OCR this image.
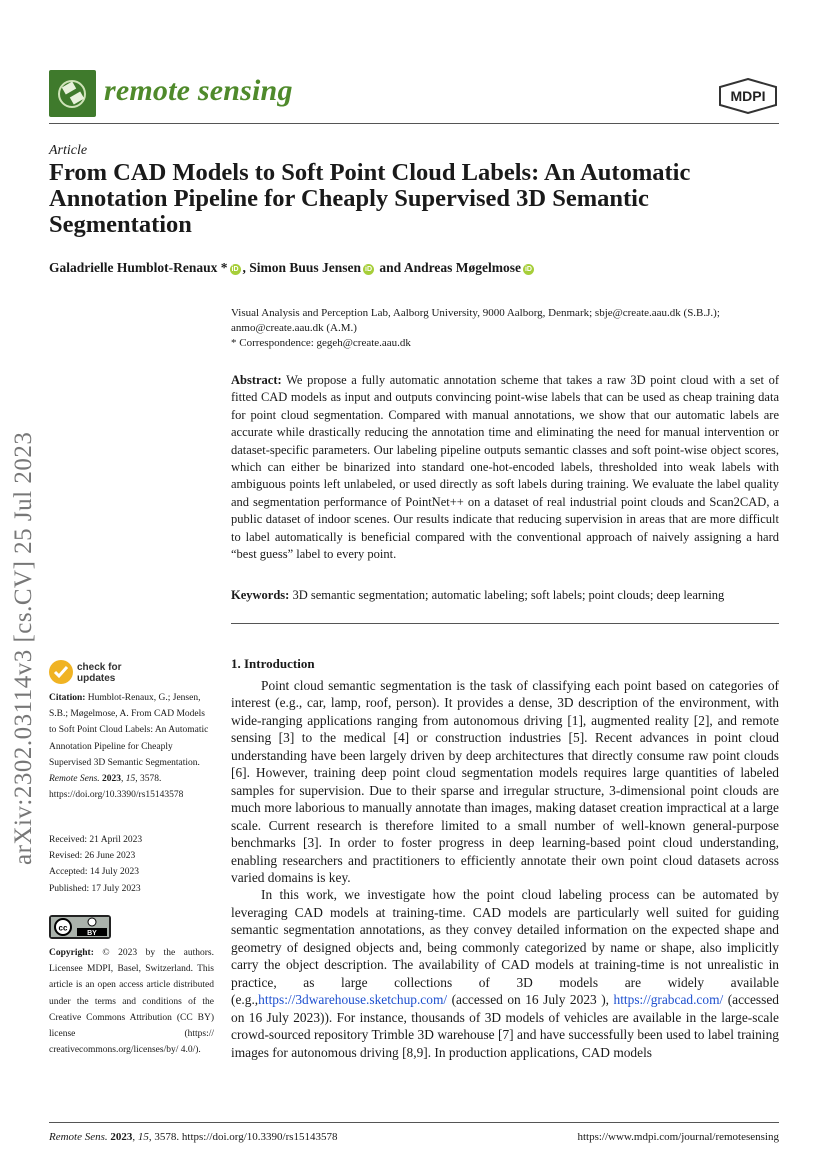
remote sensing	MDPI
Article
From CAD Models to Soft Point Cloud Labels: An Automatic Annotation Pipeline for Cheaply Supervised 3D Semantic Segmentation
Galadrielle Humblot-Renaux * iD , Simon Buus Jensen iD and Andreas Møgelmose iD

Visual Analysis and Perception Lab, Aalborg University, 9000 Aalborg, Denmark; sbje@create.aau.dk (S.B.J.);

anmo@create.aau.dk (A.M.)

* Correspondence: gegeh@create.aau.dk

Abstract: We propose a fully automatic annotation scheme that takes a raw 3D point cloud with a set of fitted CAD models as input and outputs convincing point-wise labels that can be used as cheap training data for point cloud segmentation. Compared with manual annotations, we show that our automatic labels are accurate while drastically reducing the annotation time and eliminating the need for manual intervention or dataset-specific parameters. Our labeling pipeline outputs semantic classes and soft point-wise object scores, which can either be binarized into standard one-hot-encoded labels, thresholded into weak labels with ambiguous points left unlabeled, or used directly as soft labels during training. We evaluate the label quality and segmentation performance of PointNet++ on a dataset of real industrial point clouds and Scan2CAD, a public dataset of indoor scenes. Our results indicate that reducing supervision in areas that are more difficult to label automatically is beneficial compared with the conventional approach of naively assigning a hard “best guess” label to every point.
Keywords: 3D semantic segmentation; automatic labeling; soft labels; point clouds; deep learning
arXiv:2302.03114v3 [cs.CV] 25 Jul 2023	check for
updates
Citation: Humblot-Renaux, G.; Jensen, S.B.; Møgelmose, A. From CAD Models to Soft Point Cloud Labels: An Automatic Annotation Pipeline for Cheaply Supervised 3D Semantic Segmentation. Remote Sens. 2023, 15, 3578. https://doi.org/10.3390/rs15143578

Received: 21 April 2023

Revised: 26 June 2023

Accepted: 14 July 2023

Published: 17 July 2023

cc
BY
Copyright: © 2023 by the authors. Licensee MDPI, Basel, Switzerland. This article is an open access article distributed under the terms and conditions of the Creative Commons Attribution (CC BY) license (https:// creativecommons.org/licenses/by/ 4.0/).
1. Introduction

Point cloud semantic segmentation is the task of classifying each point based on categories of interest (e.g., car, lamp, roof, person). It provides a dense, 3D description of the environment, with wide-ranging applications ranging from autonomous driving [1], augmented reality [2], and remote sensing [3] to the medical [4] or construction industries [5]. Recent advances in point cloud understanding have been largely driven by deep architectures that directly consume raw point clouds [6]. However, training deep point cloud segmentation models requires large quantities of labeled samples for supervision. Due to their sparse and irregular structure, 3-dimensional point clouds are much more laborious to manually annotate than images, making dataset creation impractical at a large scale. Current research is therefore limited to a small number of well-known general-purpose benchmarks [3]. In order to foster progress in deep learning-based point cloud understanding, enabling researchers and practitioners to efficiently annotate their own point cloud datasets across varied domains is key.

In this work, we investigate how the point cloud labeling process can be automated by leveraging CAD models at training-time. CAD models are particularly well suited for guiding semantic segmentation annotations, as they convey detailed information on the expected shape and geometry of designed objects and, being commonly categorized by name or shape, also implicitly carry the object description. The availability of CAD models at training-time is not unrealistic in practice, as large collections of 3D models are widely available (e.g.,https://3dwarehouse.sketchup.com/ (accessed on 16 July 2023 ), https://grabcad.com/ (accessed on 16 July 2023)). For instance, thousands of 3D models of vehicles are available in the large-scale crowd-sourced repository Trimble 3D warehouse [7] and have successfully been used to label training images for autonomous driving [8,9]. In production applications, CAD models

Remote Sens. 2023, 15, 3578. https://doi.org/10.3390/rs15143578	https://www.mdpi.com/journal/remotesensing
